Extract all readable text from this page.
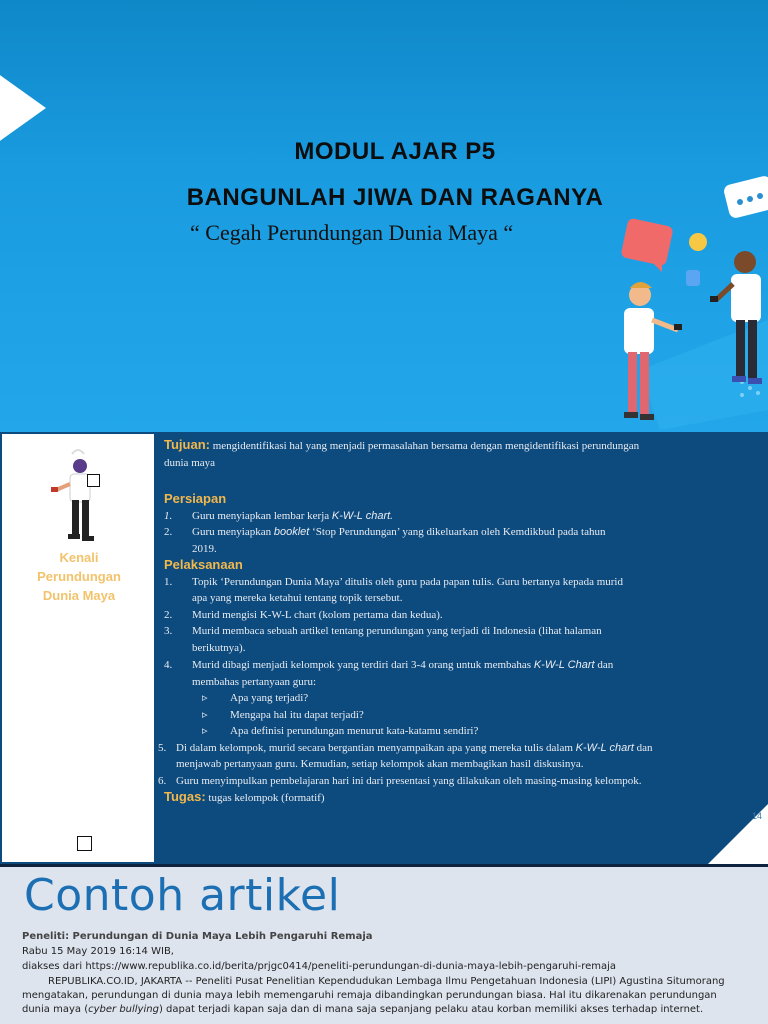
MODUL AJAR P5
BANGUNLAH JIWA DAN RAGANYA
“ Cegah Perundungan Dunia Maya “
Kenali
Perundungan
Dunia Maya
Tujuan: mengidentifikasi hal yang menjadi permasalahan bersama dengan mengidentifikasi perundungan
dunia maya
Persiapan
1.	Guru menyiapkan lembar kerja K-W-L chart.
2.	Guru menyiapkan booklet ‘Stop Perundungan’ yang dikeluarkan oleh Kemdikbud pada tahun
2019.
Pelaksanaan
1.	Topik ‘Perundungan Dunia Maya’ ditulis oleh guru pada papan tulis. Guru bertanya kepada murid
apa yang mereka ketahui tentang topik tersebut.
2.	Murid mengisi K-W-L chart (kolom pertama dan kedua).
3.	Murid membaca sebuah artikel tentang perundungan yang terjadi di Indonesia (lihat halaman
berikutnya).
4.	Murid dibagi menjadi kelompok yang terdiri dari 3-4 orang untuk membahas K-W-L Chart dan
membahas pertanyaan guru:
▹	Apa yang terjadi?
▹	Mengapa hal itu dapat terjadi?
▹	Apa definisi perundungan menurut kata-katamu sendiri?
5. Di dalam kelompok, murid secara bergantian menyampaikan apa yang mereka tulis dalam K-W-L chart dan
menjawab pertanyaan guru. Kemudian, setiap kelompok akan membagikan hasil diskusinya.
6. Guru menyimpulkan pembelajaran hari ini dari presentasi yang dilakukan oleh masing-masing kelompok.
Tugas: tugas kelompok (formatif)
14
Contoh artikel
Peneliti: Perundungan di Dunia Maya Lebih Pengaruhi Remaja
Rabu 15 May 2019 16:14 WIB,
diakses dari https://www.republika.co.id/berita/prjgc0414/peneliti-perundungan-di-dunia-maya-lebih-pengaruhi-remaja
REPUBLIKA.CO.ID, JAKARTA -- Peneliti Pusat Penelitian Kependudukan Lembaga Ilmu Pengetahuan Indonesia (LIPI) Agustina Situmorang
mengatakan, perundungan di dunia maya lebih memengaruhi remaja dibandingkan perundungan biasa. Hal itu dikarenakan perundungan
dunia maya (cyber bullying) dapat terjadi kapan saja dan di mana saja sepanjang pelaku atau korban memiliki akses terhadap internet.
